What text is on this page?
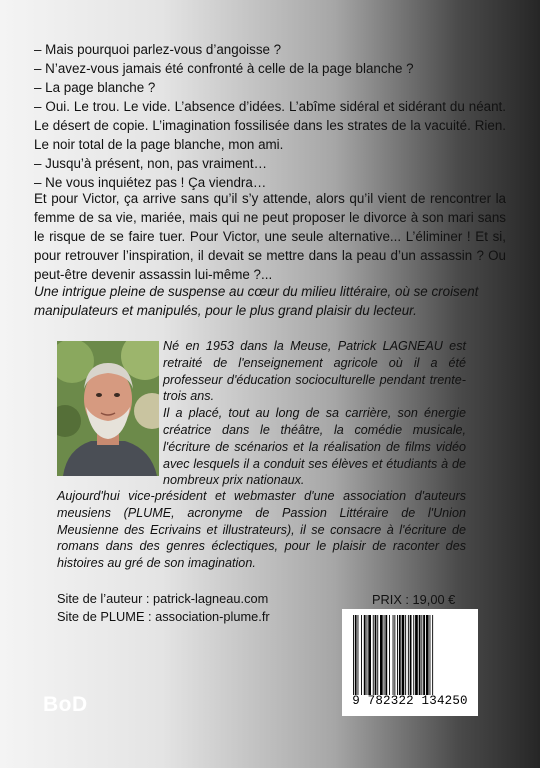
– Mais pourquoi parlez-vous d’angoisse ?

– N’avez-vous jamais été confronté à celle de la page blanche ?

– La page blanche ?

– Oui. Le trou. Le vide. L’absence d’idées. L’abîme sidéral et sidérant du néant. Le désert de copie. L’imagination fossilisée dans les strates de la vacuité. Rien. Le noir total de la page blanche, mon ami.

– Jusqu’à présent, non, pas vraiment…

– Ne vous inquiétez pas ! Ça viendra…

Et pour Victor, ça arrive sans qu’il s’y attende, alors qu’il vient de rencontrer la femme de sa vie, mariée, mais qui ne peut proposer le divorce à son mari sans le risque de se faire tuer. Pour Victor, une seule alternative... L’éliminer ! Et si, pour retrouver l’inspiration, il devait se mettre dans la peau d’un assassin ? Ou peut-être devenir assassin lui-même ?...

Une intrigue pleine de suspense au cœur du milieu littéraire, où se croisent manipulateurs et manipulés, pour le plus grand plaisir du lecteur.

Né en 1953 dans la Meuse, Patrick LAGNEAU est retraité de l'enseignement agricole où il a été professeur d'éducation socioculturelle pendant trente-trois ans.

Il a placé, tout au long de sa carrière, son énergie créatrice dans le théâtre, la comédie musicale, l'écriture de scénarios et la réalisation de films vidéo avec lesquels il a conduit ses élèves et étudiants à de nombreux prix nationaux.

Aujourd'hui vice-président et webmaster d'une association d'auteurs meusiens (PLUME, acronyme de Passion Littéraire de l'Union Meusienne des Ecrivains et illustrateurs), il se consacre à l'écriture de romans dans des genres éclectiques, pour le plaisir de raconter des histoires au gré de son imagination.

Site de l’auteur : patrick-lagneau.com
Site de PLUME : association-plume.fr
PRIX : 19,00 €
9 782322 134250
BoD
